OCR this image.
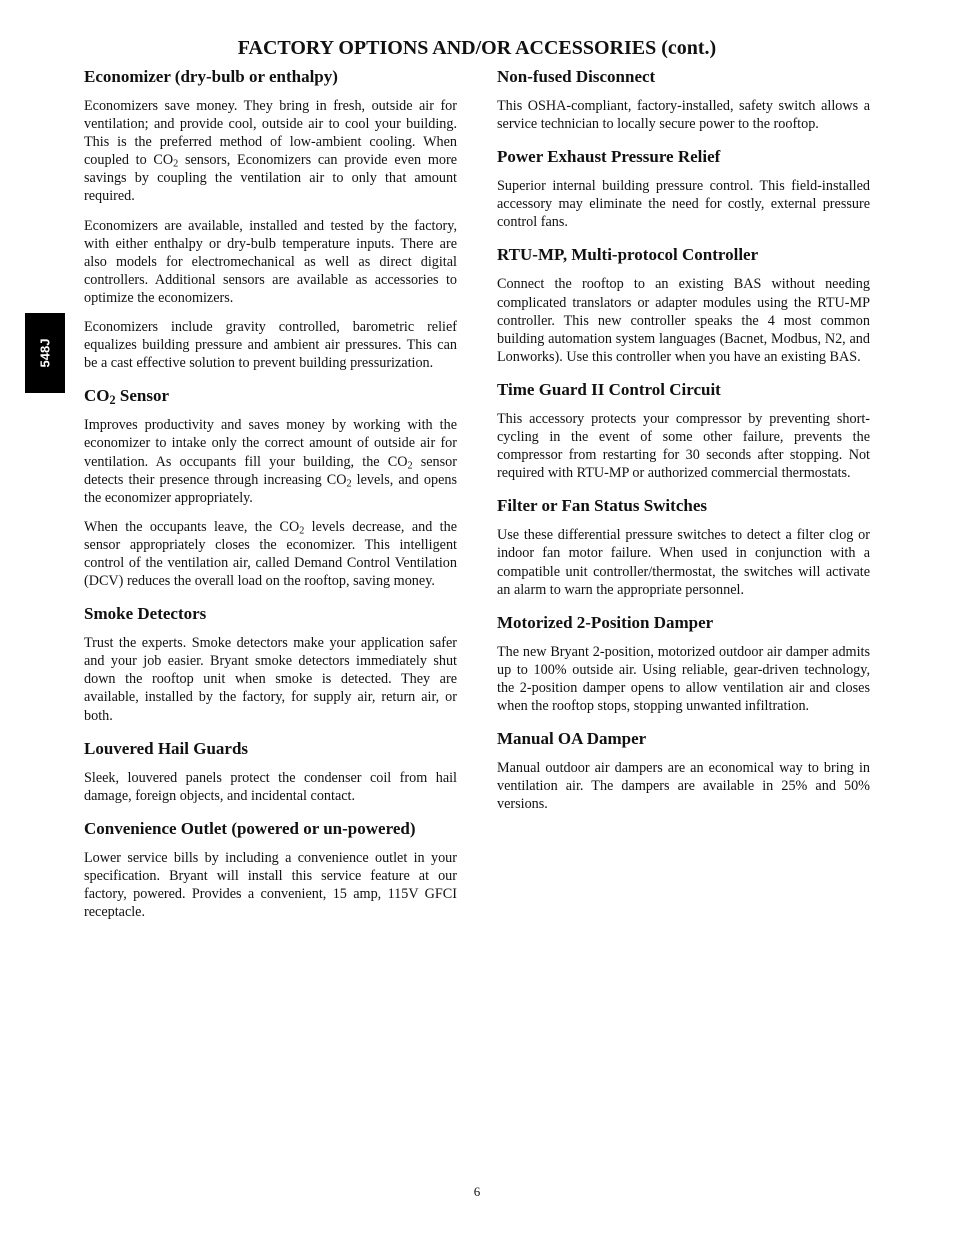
FACTORY OPTIONS AND/OR ACCESSORIES (cont.)
548J
Economizer (dry-bulb or enthalpy)

Economizers save money. They bring in fresh, outside air for ventilation; and provide cool, outside air to cool your building. This is the preferred method of low-ambient cooling. When coupled to $CO_2$ sensors, Economizers can provide even more savings by coupling the ventilation air to only that amount required.

Economizers are available, installed and tested by the factory, with either enthalpy or dry-bulb temperature inputs. There are also models for electromechanical as well as direct digital controllers. Additional sensors are available as accessories to optimize the economizers.

Economizers include gravity controlled, barometric relief equalizes building pressure and ambient air pressures. This can be a cast effective solution to prevent building pressurization.

$CO_2$ Sensor

Improves productivity and saves money by working with the economizer to intake only the correct amount of outside air for ventilation. As occupants fill your building, the $CO_2$ sensor detects their presence through increasing $CO_2$ levels, and opens the economizer appropriately.

When the occupants leave, the $CO_2$ levels decrease, and the sensor appropriately closes the economizer. This intelligent control of the ventilation air, called Demand Control Ventilation (DCV) reduces the overall load on the rooftop, saving money.

Smoke Detectors

Trust the experts. Smoke detectors make your application safer and your job easier. Bryant smoke detectors immediately shut down the rooftop unit when smoke is detected. They are available, installed by the factory, for supply air, return air, or both.

Louvered Hail Guards

Sleek, louvered panels protect the condenser coil from hail damage, foreign objects, and incidental contact.

Convenience Outlet (powered or un-powered)

Lower service bills by including a convenience outlet in your specification. Bryant will install this service feature at our factory, powered. Provides a convenient, 15 amp, 115V GFCI receptacle.

Non-fused Disconnect

This OSHA-compliant, factory-installed, safety switch allows a service technician to locally secure power to the rooftop.

Power Exhaust Pressure Relief

Superior internal building pressure control. This field-installed accessory may eliminate the need for costly, external pressure control fans.

RTU-MP, Multi-protocol Controller

Connect the rooftop to an existing BAS without needing complicated translators or adapter modules using the RTU-MP controller. This new controller speaks the 4 most common building automation system languages (Bacnet, Modbus, N2, and Lonworks). Use this controller when you have an existing BAS.

Time Guard II Control Circuit

This accessory protects your compressor by preventing short-cycling in the event of some other failure, prevents the compressor from restarting for 30 seconds after stopping. Not required with RTU-MP or authorized commercial thermostats.

Filter or Fan Status Switches

Use these differential pressure switches to detect a filter clog or indoor fan motor failure. When used in conjunction with a compatible unit controller/thermostat, the switches will activate an alarm to warn the appropriate personnel.

Motorized 2-Position Damper

The new Bryant 2-position, motorized outdoor air damper admits up to 100% outside air. Using reliable, gear-driven technology, the 2-position damper opens to allow ventilation air and closes when the rooftop stops, stopping unwanted infiltration.

Manual OA Damper

Manual outdoor air dampers are an economical way to bring in ventilation air. The dampers are available in 25% and 50% versions.

6
